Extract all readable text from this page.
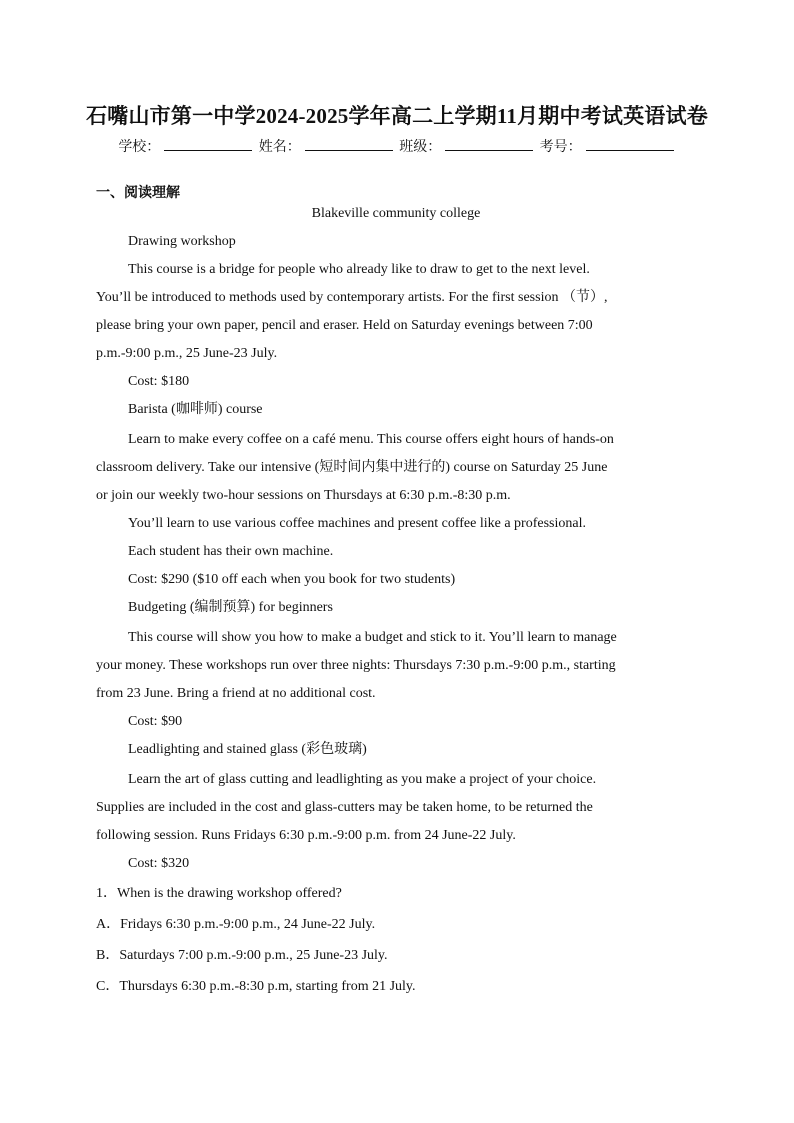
石嘴山市第一中学2024-2025学年高二上学期11月期中考试英语试卷
学校：	姓名：	班级：	考号：
一、阅读理解
Blakeville community college
Drawing workshop
This course is a bridge for people who already like to draw to get to the next level.
You’ll be introduced to methods used by contemporary artists. For the first session （节）,
please bring your own paper, pencil and eraser. Held on Saturday evenings between 7:00
p.m.-9:00 p.m., 25 June-23 July.
Cost: $180
Barista (咖啡师) course
Learn to make every coffee on a café menu. This course offers eight hours of hands-on
classroom delivery. Take our intensive (短时间内集中进行的) course on Saturday 25 June
or join our weekly two-hour sessions on Thursdays at 6:30 p.m.-8:30 p.m.
You’ll learn to use various coffee machines and present coffee like a professional.
Each student has their own machine.
Cost: $290 ($10 off each when you book for two students)
Budgeting (编制预算) for beginners
This course will show you how to make a budget and stick to it. You’ll learn to manage
your money. These workshops run over three nights: Thursdays 7:30 p.m.-9:00 p.m., starting
from 23 June. Bring a friend at no additional cost.
Cost: $90
Leadlighting and stained glass (彩色玻璃)
Learn the art of glass cutting and leadlighting as you make a project of your choice.
Supplies are included in the cost and glass-cutters may be taken home, to be returned the
following session. Runs Fridays 6:30 p.m.-9:00 p.m. from 24 June-22 July.
Cost: $320
1．When is the drawing workshop offered?
A．Fridays 6:30 p.m.-9:00 p.m., 24 June-22 July.
B．Saturdays 7:00 p.m.-9:00 p.m., 25 June-23 July.
C．Thursdays 6:30 p.m.-8:30 p.m, starting from 21 July.
